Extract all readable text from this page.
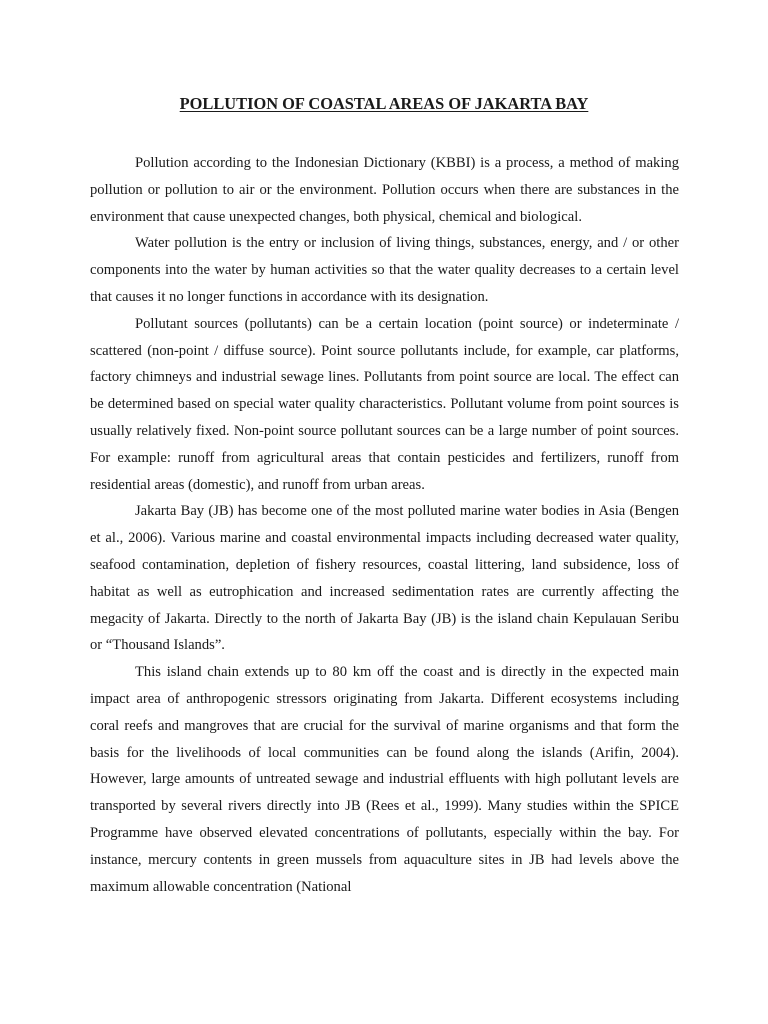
POLLUTION OF COASTAL AREAS OF JAKARTA BAY

Pollution according to the Indonesian Dictionary (KBBI) is a process, a method of making pollution or pollution to air or the environment. Pollution occurs when there are substances in the environment that cause unexpected changes, both physical, chemical and biological.

Water pollution is the entry or inclusion of living things, substances, energy, and / or other components into the water by human activities so that the water quality decreases to a certain level that causes it no longer functions in accordance with its designation.

Pollutant sources (pollutants) can be a certain location (point source) or indeterminate / scattered (non-point / diffuse source). Point source pollutants include, for example, car platforms, factory chimneys and industrial sewage lines. Pollutants from point source are local. The effect can be determined based on special water quality characteristics. Pollutant volume from point sources is usually relatively fixed. Non-point source pollutant sources can be a large number of point sources. For example: runoff from agricultural areas that contain pesticides and fertilizers, runoff from residential areas (domestic), and runoff from urban areas.

Jakarta Bay (JB) has become one of the most polluted marine water bodies in Asia (Bengen et al., 2006). Various marine and coastal environmental impacts including decreased water quality, seafood contamination, depletion of fishery resources, coastal littering, land subsidence, loss of habitat as well as eutrophication and increased sedimentation rates are currently affecting the megacity of Jakarta. Directly to the north of Jakarta Bay (JB) is the island chain Kepulauan Seribu or “Thousand Islands”.

This island chain extends up to 80 km off the coast and is directly in the expected main impact area of anthropogenic stressors originating from Jakarta. Different ecosystems including coral reefs and mangroves that are crucial for the survival of marine organisms and that form the basis for the livelihoods of local communities can be found along the islands (Arifin, 2004). However, large amounts of untreated sewage and industrial effluents with high pollutant levels are transported by several rivers directly into JB (Rees et al., 1999). Many studies within the SPICE Programme have observed elevated concentrations of pollutants, especially within the bay. For instance, mercury contents in green mussels from aquaculture sites in JB had levels above the maximum allowable concentration (National
